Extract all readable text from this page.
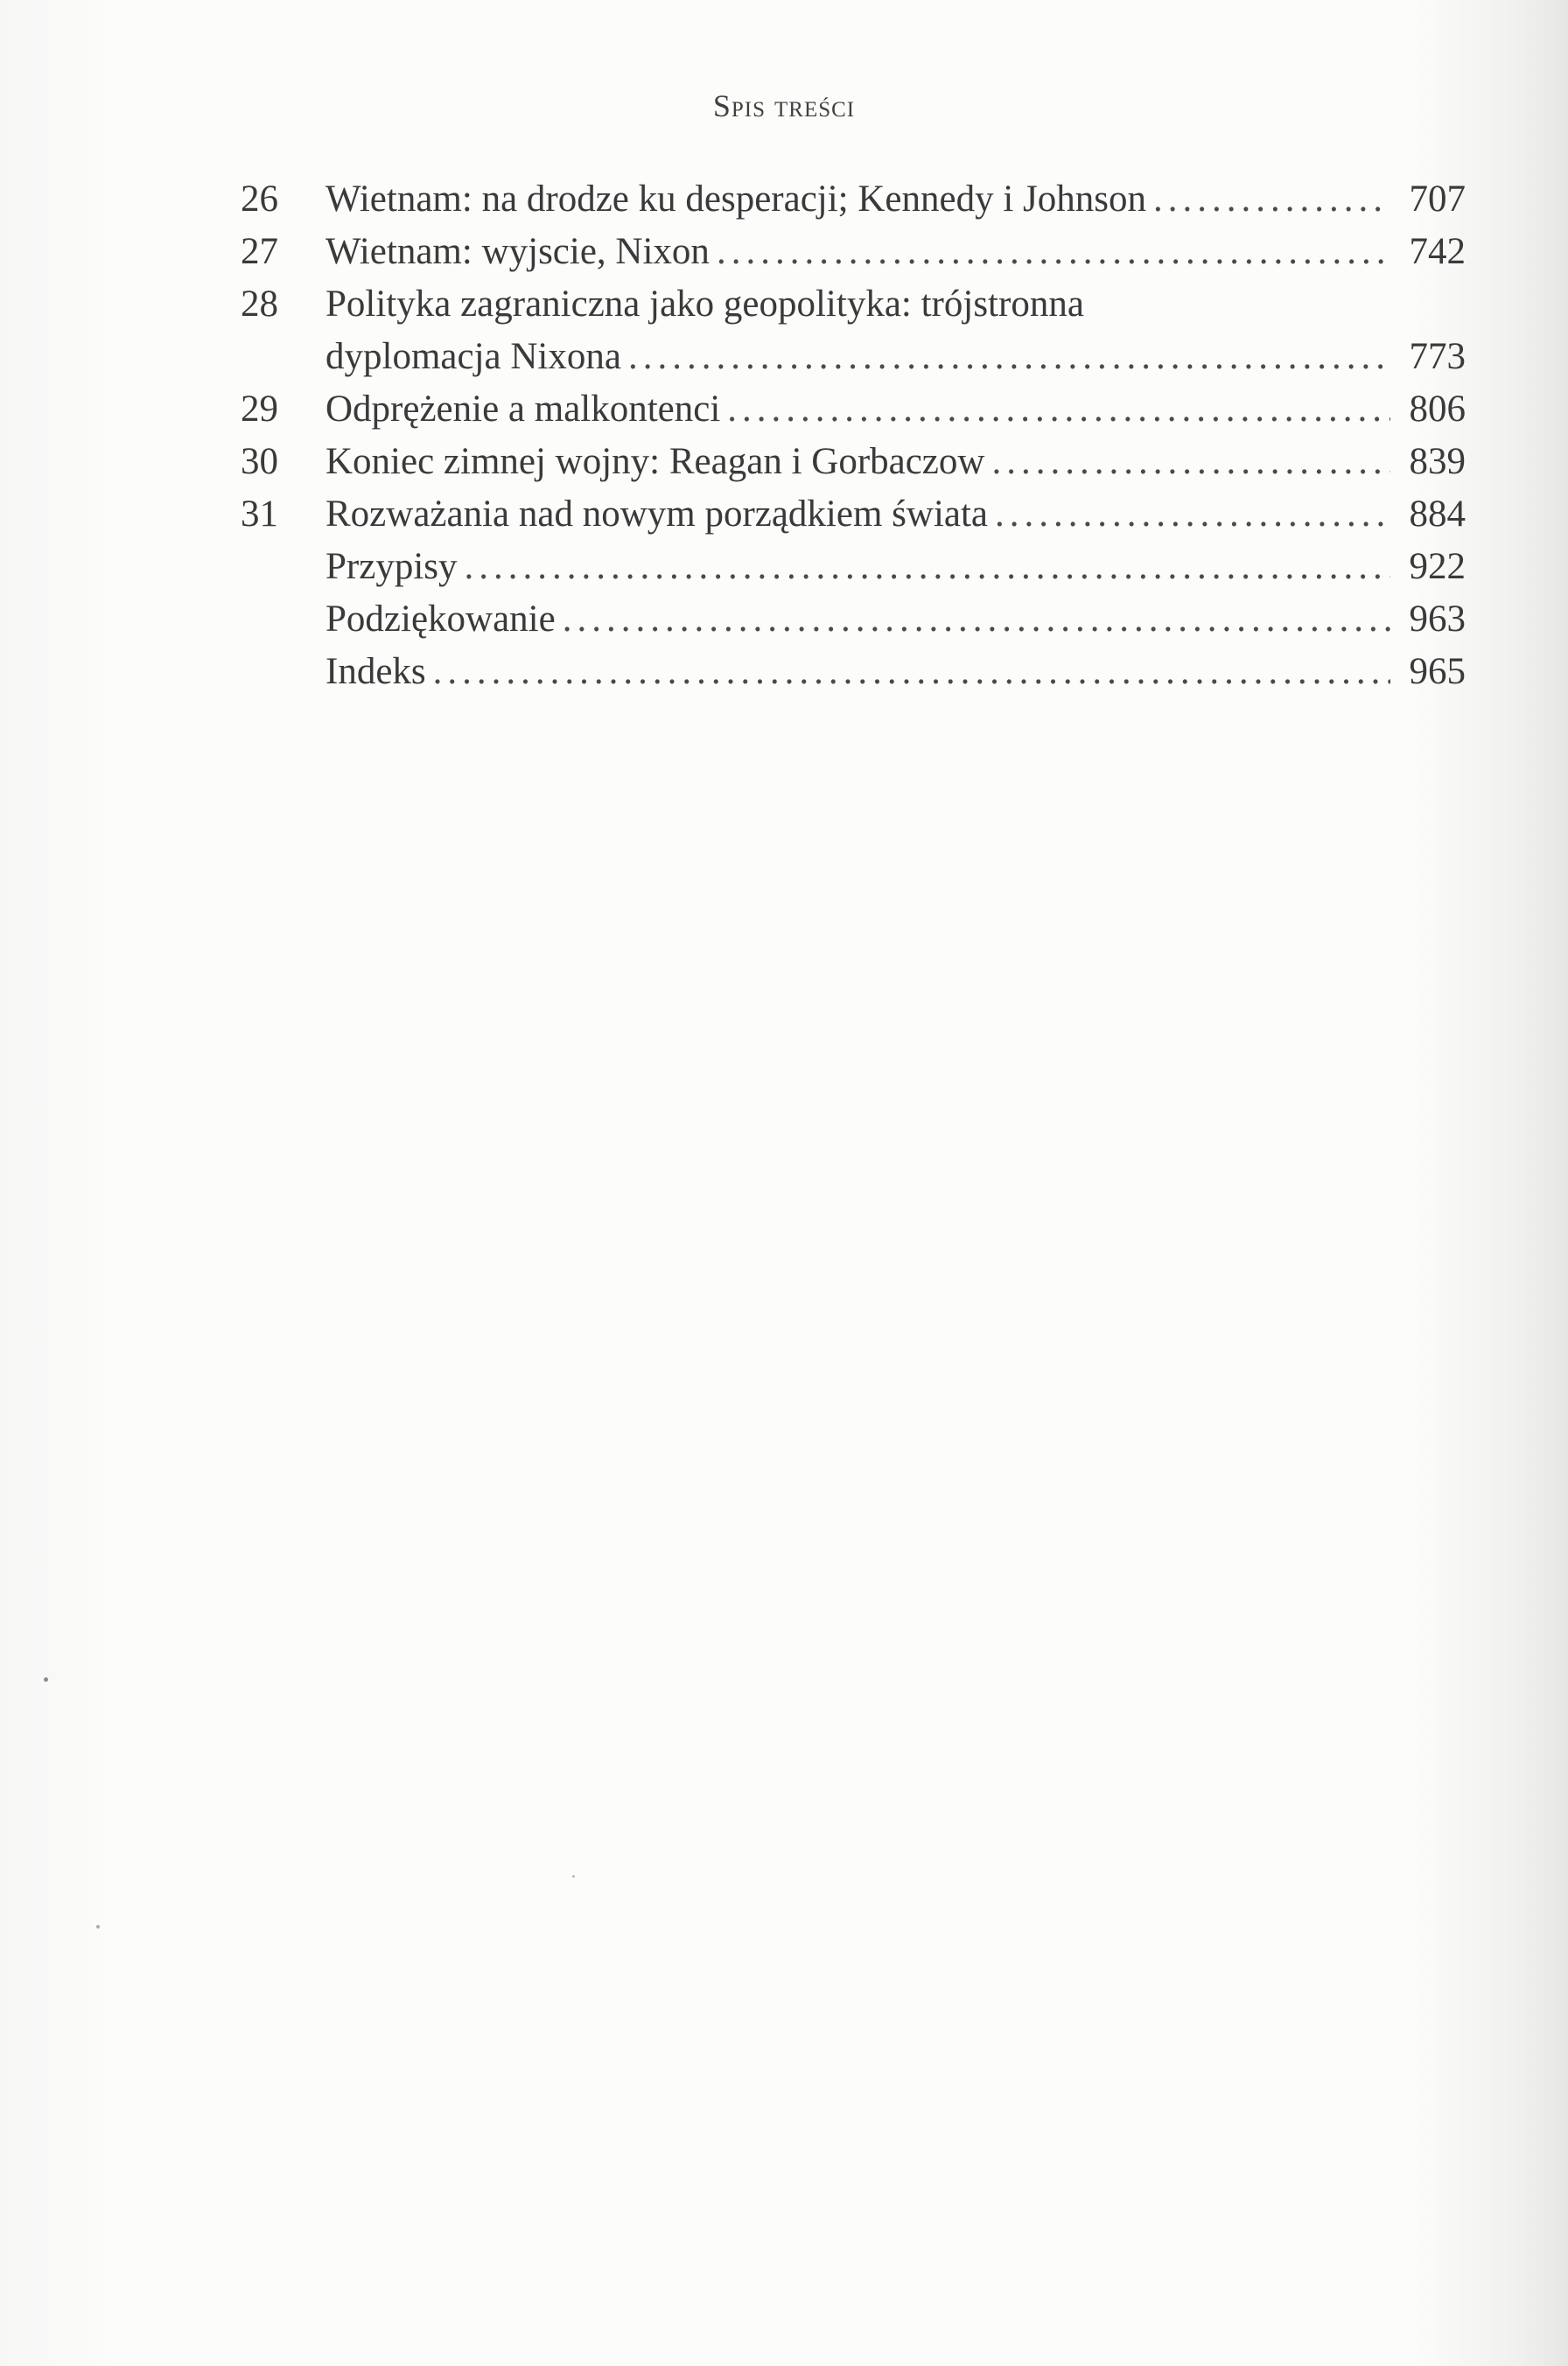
Spis treści
26	Wietnam: na drodze ku desperacji; Kennedy i Johnson .....	707
27	Wietnam: wyjscie, Nixon .....	742
28	Polityka zagraniczna jako geopolityka: trójstronna
dyplomacja Nixona .....	773
29	Odprężenie a malkontenci .....	806
30	Koniec zimnej wojny: Reagan i Gorbaczow .....	839
31	Rozważania nad nowym porządkiem świata .....	884
Przypisy .....	922
Podziękowanie .....	963
Indeks .....	965
